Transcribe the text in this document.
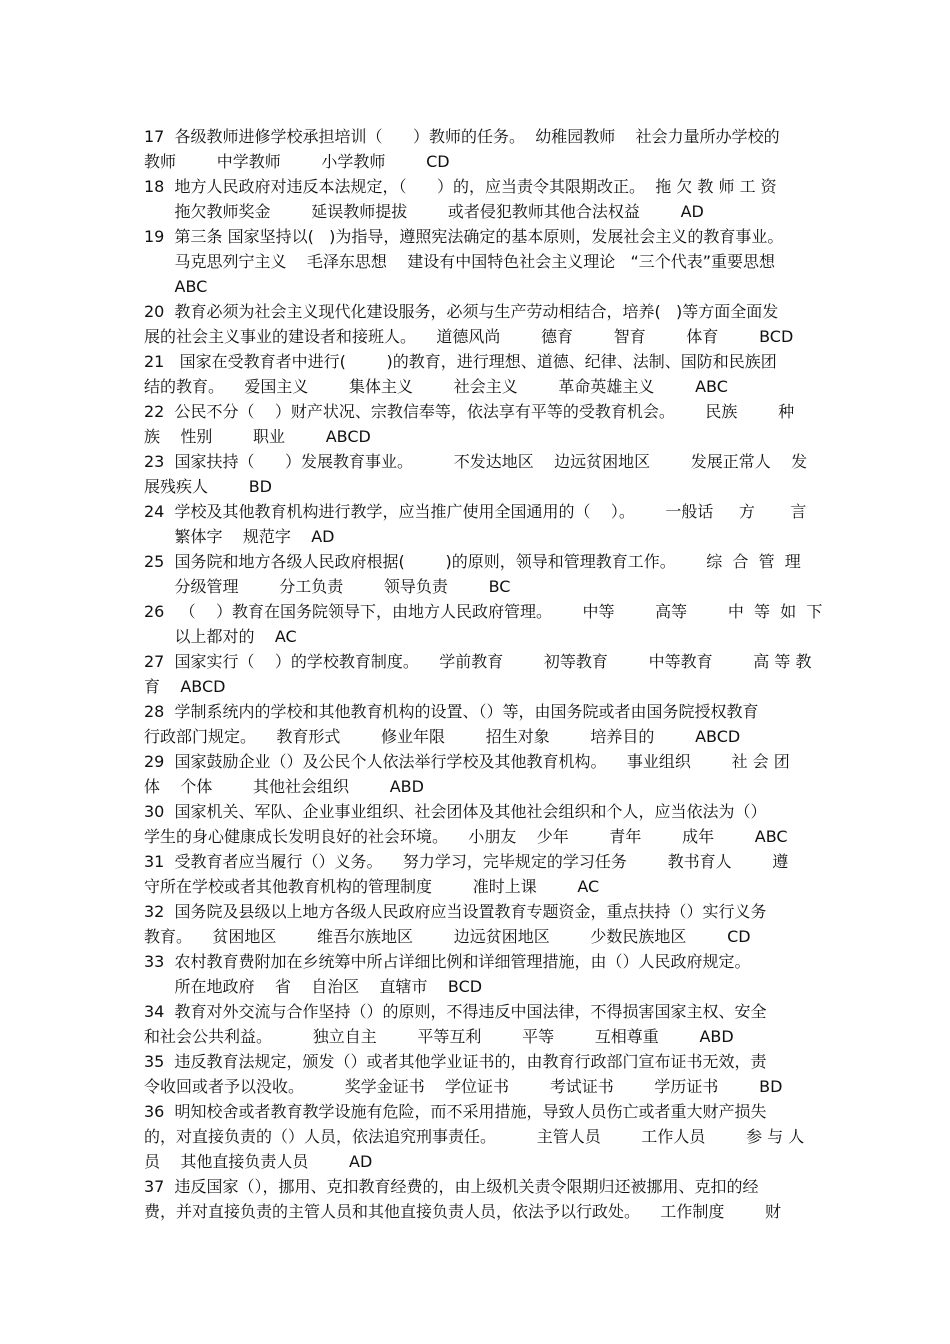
17  各级教师进修学校承担培训（      ）教师的任务。  幼稚园教师    社会力量所办学校的
教师        中学教师        小学教师        CD
18  地方人民政府对违反本法规定，（      ）的，应当责令其限期改正。  拖 欠 教 师 工 资
拖欠教师奖金        延误教师提拔        或者侵犯教师其他合法权益        AD
19  第三条 国家坚持以(   )为指导，遵照宪法确定的基本原则，发展社会主义的教育事业。
马克思列宁主义    毛泽东思想    建设有中国特色社会主义理论   “三个代表”重要思想
ABC
20  教育必须为社会主义现代化建设服务，必须与生产劳动相结合，培养(   )等方面全面发
展的社会主义事业的建设者和接班人。    道德风尚        德育        智育        体育        BCD
21   国家在受教育者中进行(        )的教育，进行理想、道德、纪律、法制、国防和民族团
结的教育。    爱国主义        集体主义        社会主义        革命英雄主义        ABC
22  公民不分（    ）财产状况、宗教信奉等，依法享有平等的受教育机会。      民族        种
族    性别        职业        ABCD
23  国家扶持（      ）发展教育事业。        不发达地区    边远贫困地区        发展正常人    发
展残疾人        BD
24  学校及其他教育机构进行教学，应当推广使用全国通用的（    ）。      一般话     方       言
繁体字    规范字    AD
25  国务院和地方各级人民政府根据(        )的原则，领导和管理教育工作。      综  合  管  理
分级管理        分工负责        领导负责        BC
26   （    ）教育在国务院领导下，由地方人民政府管理。      中等        高等        中  等  如  下
以上都对的    AC
27  国家实行（    ）的学校教育制度。    学前教育        初等教育        中等教育        高 等 教
育    ABCD
28  学制系统内的学校和其他教育机构的设置、（）等，由国务院或者由国务院授权教育
行政部门规定。    教育形式        修业年限        招生对象        培养目的        ABCD
29  国家鼓励企业（）及公民个人依法举行学校及其他教育机构。    事业组织        社 会 团
体    个体        其他社会组织        ABD
30  国家机关、军队、企业事业组织、社会团体及其他社会组织和个人，应当依法为（）
学生的身心健康成长发明良好的社会环境。    小朋友    少年        青年        成年        ABC
31  受教育者应当履行（）义务。    努力学习，完毕规定的学习任务        教书育人        遵
守所在学校或者其他教育机构的管理制度        准时上课        AC
32  国务院及县级以上地方各级人民政府应当设置教育专题资金，重点扶持（）实行义务
教育。    贫困地区        维吾尔族地区        边远贫困地区        少数民族地区        CD
33  农村教育费附加在乡统筹中所占详细比例和详细管理措施，由（）人民政府规定。
所在地政府    省    自治区    直辖市    BCD
34  教育对外交流与合作坚持（）的原则，不得违反中国法律，不得损害国家主权、安全
和社会公共利益。        独立自主        平等互利        平等        互相尊重        ABD
35  违反教育法规定，颁发（）或者其他学业证书的，由教育行政部门宣布证书无效，责
令收回或者予以没收。        奖学金证书    学位证书        考试证书        学历证书        BD
36  明知校舍或者教育教学设施有危险，而不采用措施，导致人员伤亡或者重大财产损失
的，对直接负责的（）人员，依法追究刑事责任。        主管人员        工作人员        参 与 人
员    其他直接负责人员        AD
37  违反国家（），挪用、克扣教育经费的，由上级机关责令限期归还被挪用、克扣的经
费，并对直接负责的主管人员和其他直接负责人员，依法予以行政处。    工作制度        财
